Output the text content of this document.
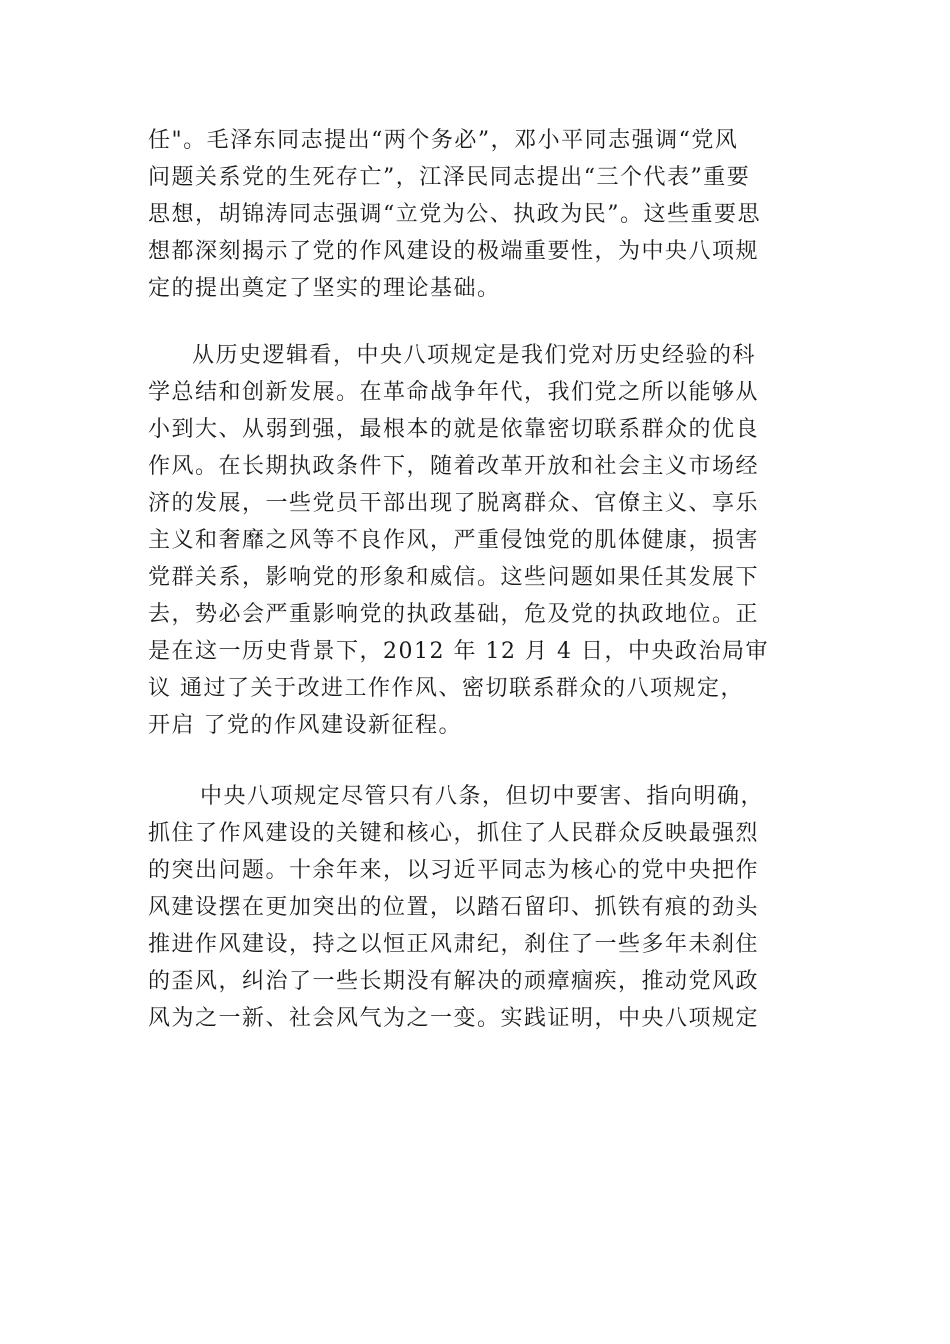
任"。毛泽东同志提出“两个务必”，邓小平同志强调“党风
问题关系党的生死存亡”，江泽民同志提出“三个代表”重要
思想，胡锦涛同志强调“立党为公、执政为民”。这些重要思
想都深刻揭示了党的作风建设的极端重要性，为中央八项规
定的提出奠定了坚实的理论基础。
从历史逻辑看，中央八项规定是我们党对历史经验的科
学总结和创新发展。在革命战争年代，我们党之所以能够从
小到大、从弱到强，最根本的就是依靠密切联系群众的优良
作风。在长期执政条件下，随着改革开放和社会主义市场经
济的发展，一些党员干部出现了脱离群众、官僚主义、享乐
主义和奢靡之风等不良作风，严重侵蚀党的肌体健康，损害
党群关系，影响党的形象和威信。这些问题如果任其发展下
去，势必会严重影响党的执政基础，危及党的执政地位。正
是在这一历史背景下，2012 年 12 月 4 日，中央政治局审
议 通过了关于改进工作作风、密切联系群众的八项规定，
开启 了党的作风建设新征程。
中央八项规定尽管只有八条，但切中要害、指向明确，
抓住了作风建设的关键和核心，抓住了人民群众反映最强烈
的突出问题。十余年来，以习近平同志为核心的党中央把作
风建设摆在更加突出的位置，以踏石留印、抓铁有痕的劲头
推进作风建设，持之以恒正风肃纪，刹住了一些多年未刹住
的歪风，纠治了一些长期没有解决的顽瘴痼疾，推动党风政
风为之一新、社会风气为之一变。实践证明，中央八项规定
